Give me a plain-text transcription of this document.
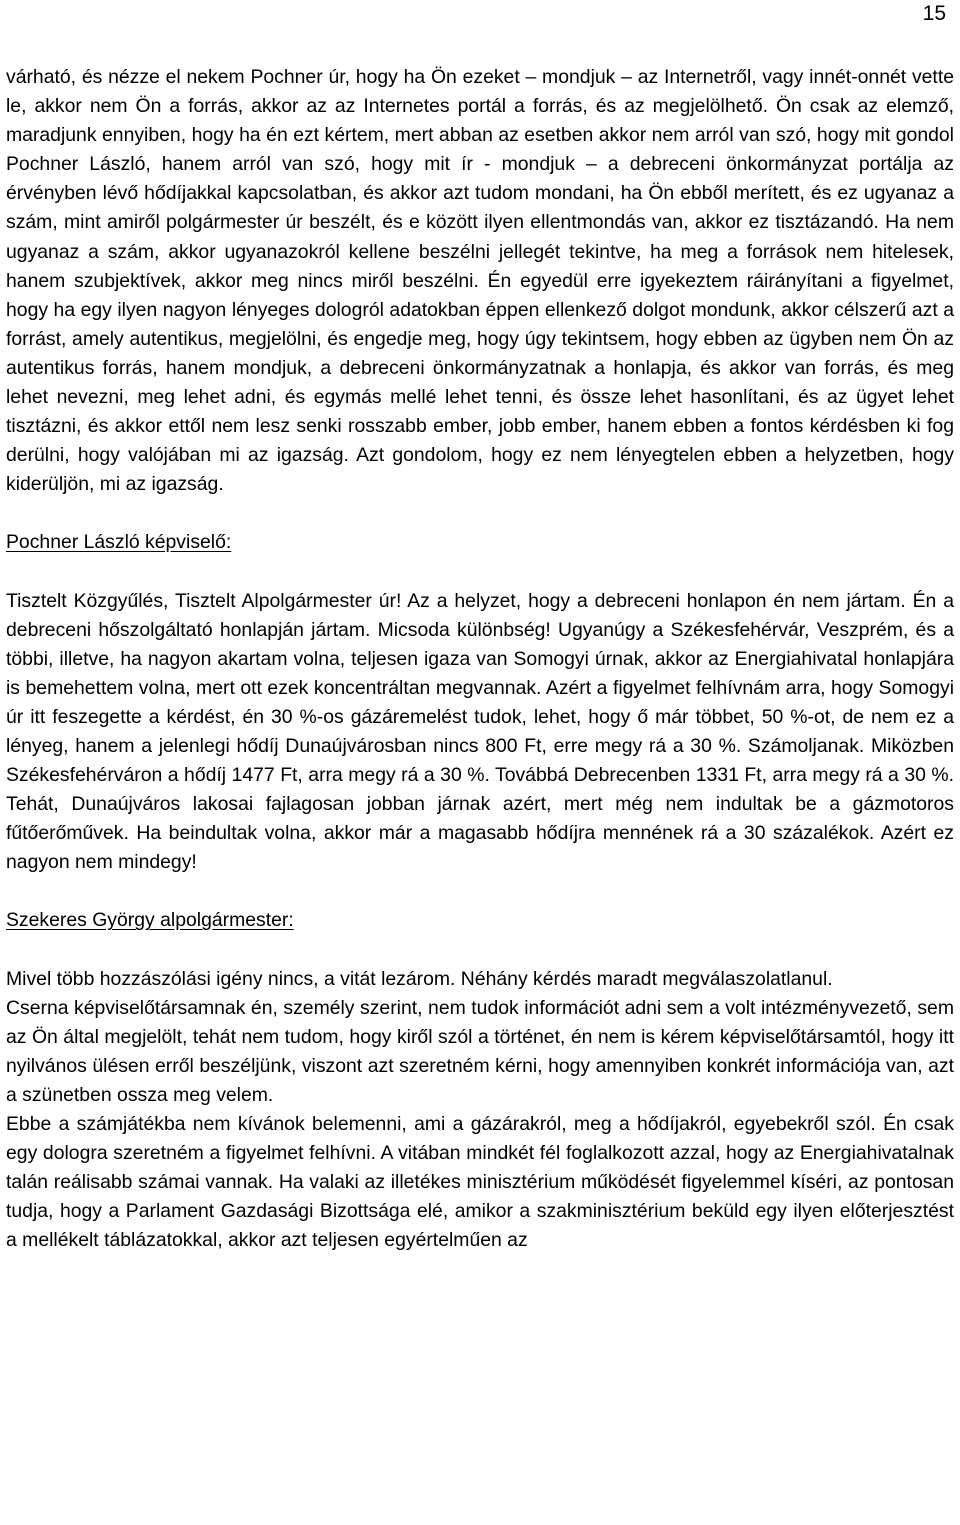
15

várható, és nézze el nekem Pochner úr, hogy ha Ön ezeket – mondjuk – az Internetről, vagy innét-onnét vette le, akkor nem Ön a forrás, akkor az az Internetes portál a forrás, és az megjelölhető. Ön csak az elemző, maradjunk ennyiben, hogy ha én ezt kértem, mert abban az esetben akkor nem arról van szó, hogy mit gondol Pochner László, hanem arról van szó, hogy mit ír - mondjuk – a debreceni önkormányzat portálja az érvényben lévő hődíjakkal kapcsolatban, és akkor azt tudom mondani, ha Ön ebből merített, és ez ugyanaz a szám, mint amiről polgármester úr beszélt, és e között ilyen ellentmondás van, akkor ez tisztázandó. Ha nem ugyanaz a szám, akkor ugyanazokról kellene beszélni jellegét tekintve, ha meg a források nem hitelesek, hanem szubjektívek, akkor meg nincs miről beszélni. Én egyedül erre igyekeztem ráirányítani a figyelmet, hogy ha egy ilyen nagyon lényeges dologról adatokban éppen ellenkező dolgot mondunk, akkor célszerű azt a forrást, amely autentikus, megjelölni, és engedje meg, hogy úgy tekintsem, hogy ebben az ügyben nem Ön az autentikus forrás, hanem mondjuk, a debreceni önkormányzatnak a honlapja, és akkor van forrás, és meg lehet nevezni, meg lehet adni, és egymás mellé lehet tenni, és össze lehet hasonlítani, és az ügyet lehet tisztázni, és akkor ettől nem lesz senki rosszabb ember, jobb ember, hanem ebben a fontos kérdésben ki fog derülni, hogy valójában mi az igazság. Azt gondolom, hogy ez nem lényegtelen ebben a helyzetben, hogy kiderüljön, mi az igazság.

Pochner László képviselő:

Tisztelt Közgyűlés, Tisztelt Alpolgármester úr! Az a helyzet, hogy a debreceni honlapon én nem jártam. Én a debreceni hőszolgáltató honlapján jártam. Micsoda különbség! Ugyanúgy a Székesfehérvár, Veszprém, és a többi, illetve, ha nagyon akartam volna, teljesen igaza van Somogyi úrnak, akkor az Energiahivatal honlapjára is bemehettem volna, mert ott ezek koncentráltan megvannak. Azért a figyelmet felhívnám arra, hogy Somogyi úr itt feszegette a kérdést, én 30 %-os gázáremelést tudok, lehet, hogy ő már többet, 50 %-ot, de nem ez a lényeg, hanem a jelenlegi hődíj Dunaújvárosban nincs 800 Ft, erre megy rá a 30 %. Számoljanak. Miközben Székesfehérváron a hődíj 1477 Ft, arra megy rá a 30 %. Továbbá Debrecenben 1331 Ft, arra megy rá a 30 %. Tehát, Dunaújváros lakosai fajlagosan jobban járnak azért, mert még nem indultak be a gázmotoros fűtőerőművek. Ha beindultak volna, akkor már a magasabb hődíjra mennének rá a 30 százalékok. Azért ez nagyon nem mindegy!

Szekeres György alpolgármester:

Mivel több hozzászólási igény nincs, a vitát lezárom. Néhány kérdés maradt megválaszolatlanul.

Cserna képviselőtársamnak én, személy szerint, nem tudok információt adni sem a volt intézményvezető, sem az Ön által megjelölt, tehát nem tudom, hogy kiről szól a történet, én nem is kérem képviselőtársamtól, hogy itt nyilvános ülésen erről beszéljünk, viszont azt szeretném kérni, hogy amennyiben konkrét információja van, azt a szünetben ossza meg velem.

Ebbe a számjátékba nem kívánok belemenni, ami a gázárakról, meg a hődíjakról, egyebekről szól. Én csak egy dologra szeretném a figyelmet felhívni. A vitában mindkét fél foglalkozott azzal, hogy az Energiahivatalnak talán reálisabb számai vannak. Ha valaki az illetékes minisztérium működését figyelemmel kíséri, az pontosan tudja, hogy a Parlament Gazdasági Bizottsága elé, amikor a szakminisztérium beküld egy ilyen előterjesztést a mellékelt táblázatokkal, akkor azt teljesen egyértelműen az
